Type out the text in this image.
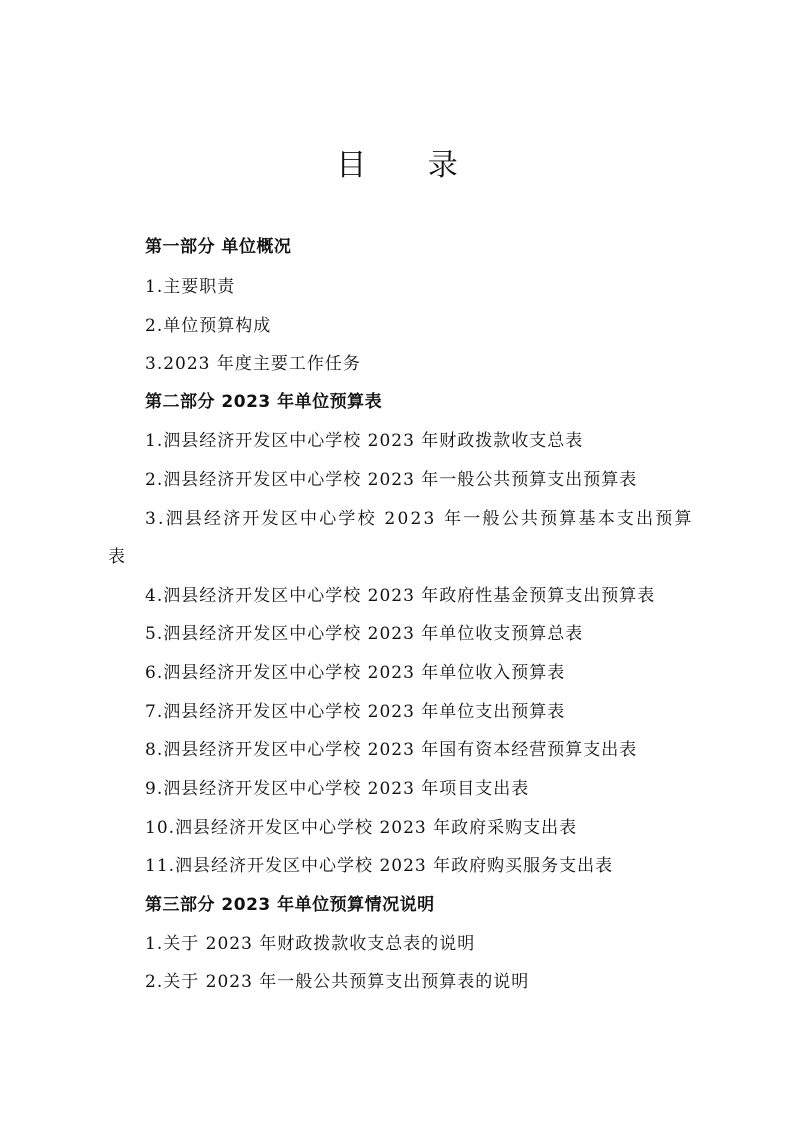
目 录
第一部分 单位概况
1.主要职责
2.单位预算构成
3.2023 年度主要工作任务
第二部分 2023 年单位预算表
1.泗县经济开发区中心学校 2023 年财政拨款收支总表
2.泗县经济开发区中心学校 2023 年一般公共预算支出预算表
3.泗县经济开发区中心学校 2023 年一般公共预算基本支出预算
表
4.泗县经济开发区中心学校 2023 年政府性基金预算支出预算表
5.泗县经济开发区中心学校 2023 年单位收支预算总表
6.泗县经济开发区中心学校 2023 年单位收入预算表
7.泗县经济开发区中心学校 2023 年单位支出预算表
8.泗县经济开发区中心学校 2023 年国有资本经营预算支出表
9.泗县经济开发区中心学校 2023 年项目支出表
10.泗县经济开发区中心学校 2023 年政府采购支出表
11.泗县经济开发区中心学校 2023 年政府购买服务支出表
第三部分 2023 年单位预算情况说明
1.关于 2023 年财政拨款收支总表的说明
2.关于 2023 年一般公共预算支出预算表的说明
